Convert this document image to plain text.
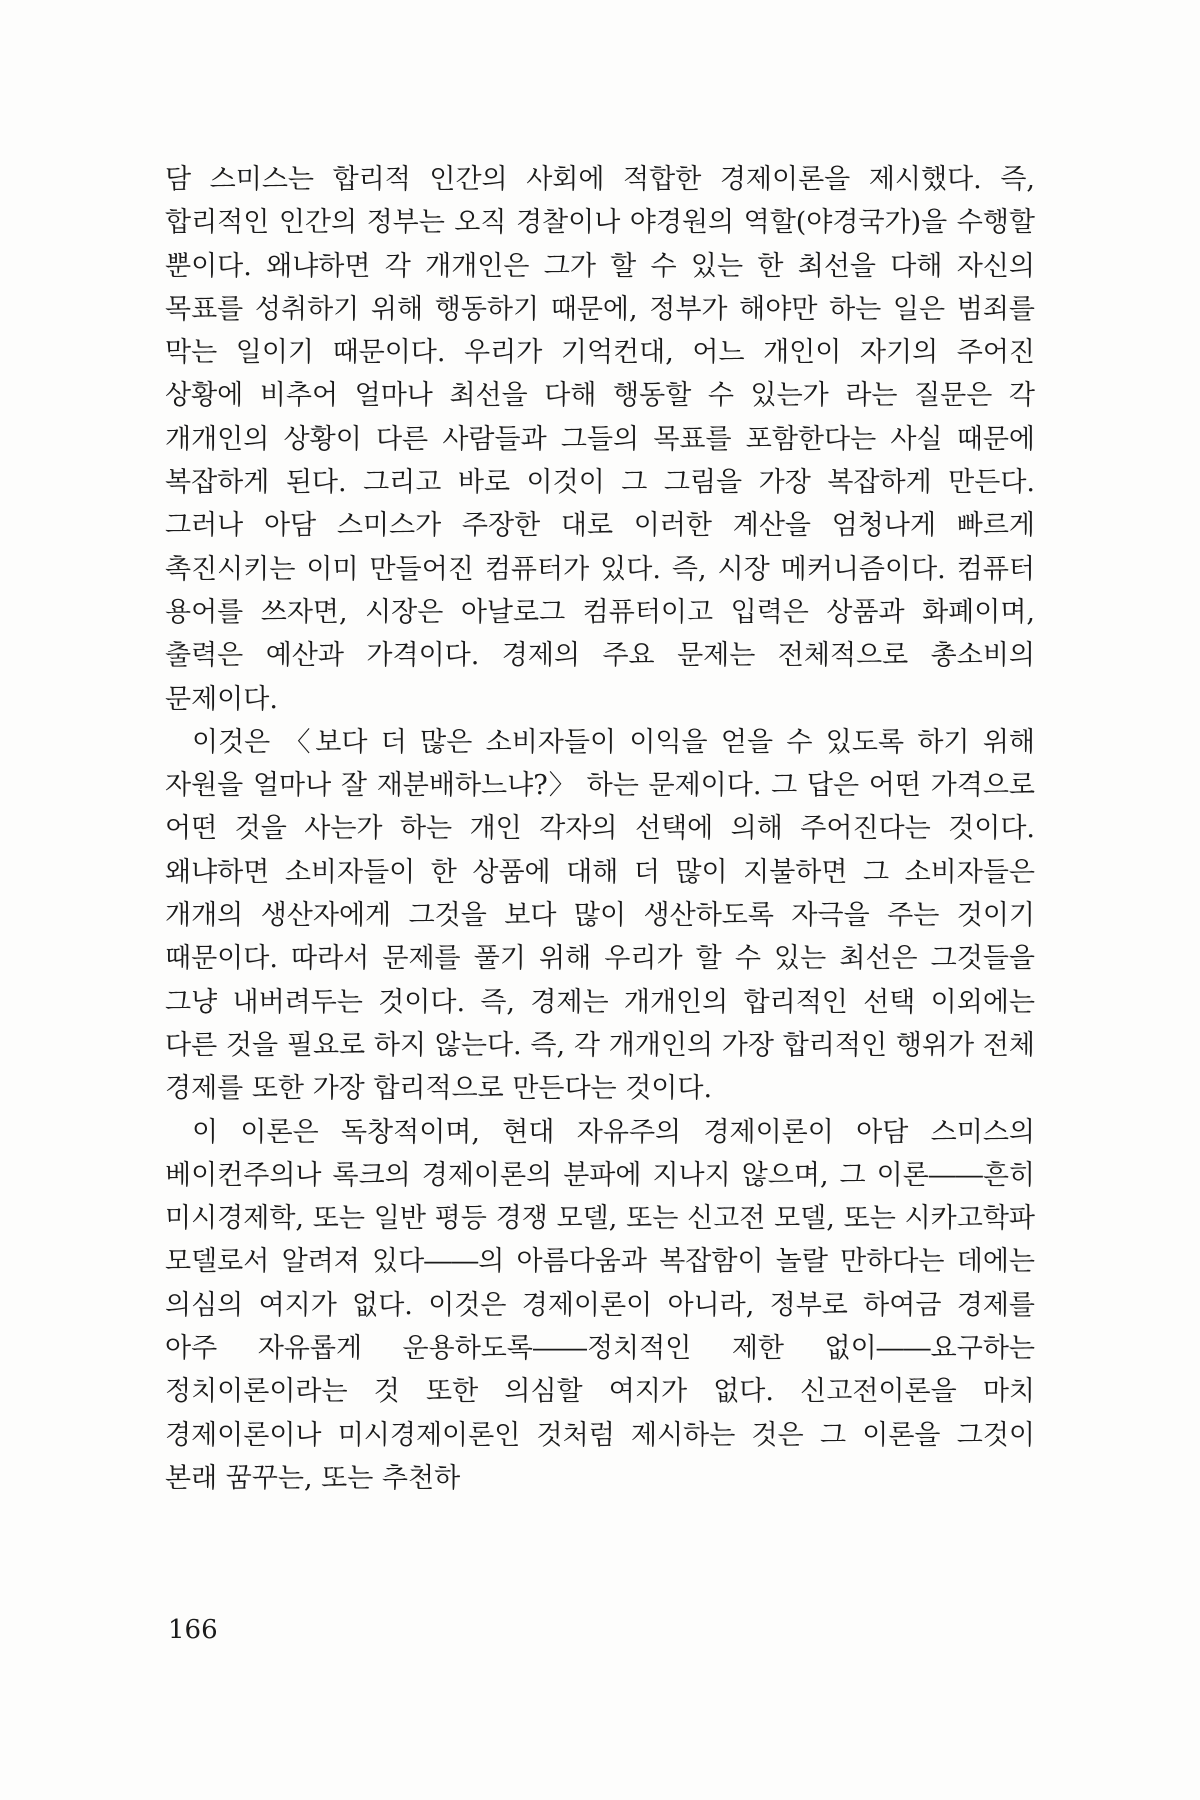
담 스미스는 합리적 인간의 사회에 적합한 경제이론을 제시했다. 즉, 합리적인 인간의 정부는 오직 경찰이나 야경원의 역할(야경국가)을 수행할 뿐이다. 왜냐하면 각 개개인은 그가 할 수 있는 한 최선을 다해 자신의 목표를 성취하기 위해 행동하기 때문에, 정부가 해야만 하는 일은 범죄를 막는 일이기 때문이다. 우리가 기억컨대, 어느 개인이 자기의 주어진 상황에 비추어 얼마나 최선을 다해 행동할 수 있는가 라는 질문은 각 개개인의 상황이 다른 사람들과 그들의 목표를 포함한다는 사실 때문에 복잡하게 된다. 그리고 바로 이것이 그 그림을 가장 복잡하게 만든다. 그러나 아담 스미스가 주장한 대로 이러한 계산을 엄청나게 빠르게 촉진시키는 이미 만들어진 컴퓨터가 있다. 즉, 시장 메커니즘이다. 컴퓨터 용어를 쓰자면, 시장은 아날로그 컴퓨터이고 입력은 상품과 화폐이며, 출력은 예산과 가격이다. 경제의 주요 문제는 전체적으로 총소비의 문제이다.

이것은 〈보다 더 많은 소비자들이 이익을 얻을 수 있도록 하기 위해 자원을 얼마나 잘 재분배하느냐?〉 하는 문제이다. 그 답은 어떤 가격으로 어떤 것을 사는가 하는 개인 각자의 선택에 의해 주어진다는 것이다. 왜냐하면 소비자들이 한 상품에 대해 더 많이 지불하면 그 소비자들은 개개의 생산자에게 그것을 보다 많이 생산하도록 자극을 주는 것이기 때문이다. 따라서 문제를 풀기 위해 우리가 할 수 있는 최선은 그것들을 그냥 내버려두는 것이다. 즉, 경제는 개개인의 합리적인 선택 이외에는 다른 것을 필요로 하지 않는다. 즉, 각 개개인의 가장 합리적인 행위가 전체 경제를 또한 가장 합리적으로 만든다는 것이다.

이 이론은 독창적이며, 현대 자유주의 경제이론이 아담 스미스의 베이컨주의나 록크의 경제이론의 분파에 지나지 않으며, 그 이론――흔히 미시경제학, 또는 일반 평등 경쟁 모델, 또는 신고전 모델, 또는 시카고학파 모델로서 알려져 있다――의 아름다움과 복잡함이 놀랄 만하다는 데에는 의심의 여지가 없다. 이것은 경제이론이 아니라, 정부로 하여금 경제를 아주 자유롭게 운용하도록――정치적인 제한 없이――요구하는 정치이론이라는 것 또한 의심할 여지가 없다. 신고전이론을 마치 경제이론이나 미시경제이론인 것처럼 제시하는 것은 그 이론을 그것이 본래 꿈꾸는, 또는 추천하

166
